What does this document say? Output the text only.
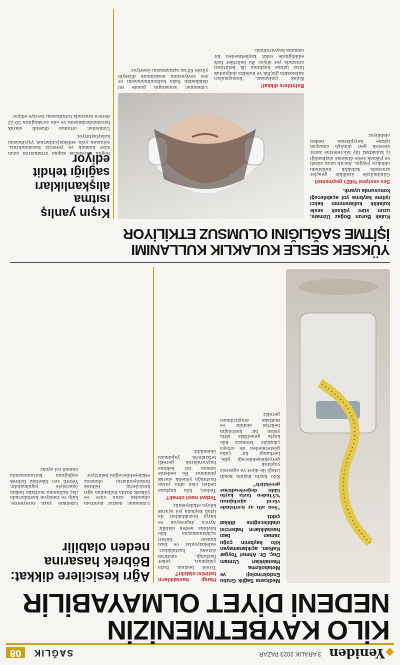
◆Yeniden
3 ARALIK 2023 PAZAR
SAĞLIK
08
KİLO KAYBETMENİZİN
NEDENİ DİYET OLMAYABİLİR

Medicana Sağlık Grubu Endokrinoloji ve Metabolizma Hastalıkları Uzmanı Doç. Dr. Ahmet Toygar Kalkan, açıklanamayan kilo kaybının çoğu zaman bazı hastalıkların habercisi olabileceğine dikkat çekti.

"Son altı ay içerisinde vücut ağırlığının %5'inden fazla kaybı tıbbi değerlendirme gerektirir"

Kilo kaybı kişinin kendi isteği ile diyet ve egzersiz yaparak gerçekleşebileceği gibi, herhangi bir çaba göstermeden de ortaya çıkabilir. İstemsiz kilo kaybı genellikle altta yatan bir hastalığın belirtisi olabilir ve mutlaka araştırılması gerekir.

Hangi hastalıkların belirtisi olabilir?

Tiroid bezinin fazla çalışması, şeker hastalığı, sindirim sistemi hastalıkları, enfeksiyonlar ve bazı kanser türleri açıklanamayan kilo kaybına neden olabilir. Ayrıca depresyon ve kaygı bozuklukları da iştah kaybına yol açarak kiloyu etkileyebilir.

Tedavi nasıl olmalı?

Tedavi, kilo kaybına neden olan altta yatan hastalığa yönelik olarak planlanır. Bu nedenle uzman bir hekime başvurularak gerekli tetkiklerin yapılması önemlidir.

Ağrı kesicilere dikkat: Böbrek hasarına neden olabilir

Uzmanlar, doktor kontrolü olmadan uzun süre ve yüksek dozda kullanılan ağrı kesicilerin böbrek fonksiyonlarını olumsuz etkileyebileceğini belirtiyor.

Özellikle yaşlı bireylerde, kalp ve tansiyon hastalarında ilaç kullanımı mutlaka hekim önerisiyle yapılmalıdır. Yeterli sıvı tüketimi böbrek sağlığının korunmasında önemli rol oynar.

YÜKSEK SESLE KULAKLIK KULLANIMI
İŞİTME SAĞLIĞINI OLUMSUZ ETKİLİYOR

Kulak Burun Boğaz Uzmanı, uzun süre yüksek sesle kulaklık kullanımının kalıcı işitme kaybına yol açabileceği konusunda uyardı.

Ses seviyesi %60'ı geçmemeli

Günümüzde özellikle gençler arasında kulaklık kullanımı oldukça yaygın. Ancak uzun süreli ve yüksek sesle dinleme alışkanlığı iç kulaktaki tüy hücrelerine zarar vererek geri dönüşü olmayan işitme kayıplarına neden olabiliyor.

Belirtilere dikkat!

Kulak çınlaması, konuşmaları anlamakta güçlük ve kulakta dolgunluk hissi işitme kaybının ilk belirtileri arasında yer alıyor. Bu belirtiler fark edildiğinde vakit kaybetmeden bir uzmana başvurulmalı.

Uzmanlar, kulaklığın günde 60 dakikadan fazla kullanılmamasını ve ses seviyesinin maksimum düzeyin yüzde 60'ını aşmamasını öneriyor.

Kışın yanlış ısıtma alışkanlıkları sağlığı tehdit ediyor

Soğuk havalarda kapalı ortamlarda uzun süre kalmak ve yetersiz havalandırma, solunum yolu enfeksiyonlarının yayılmasını kolaylaştırıyor.

Uzmanlar, ortamın düzenli olarak havalandırılmasını ve oda sıcaklığının 20-22 derece arasında tutulmasını tavsiye ediyor.
